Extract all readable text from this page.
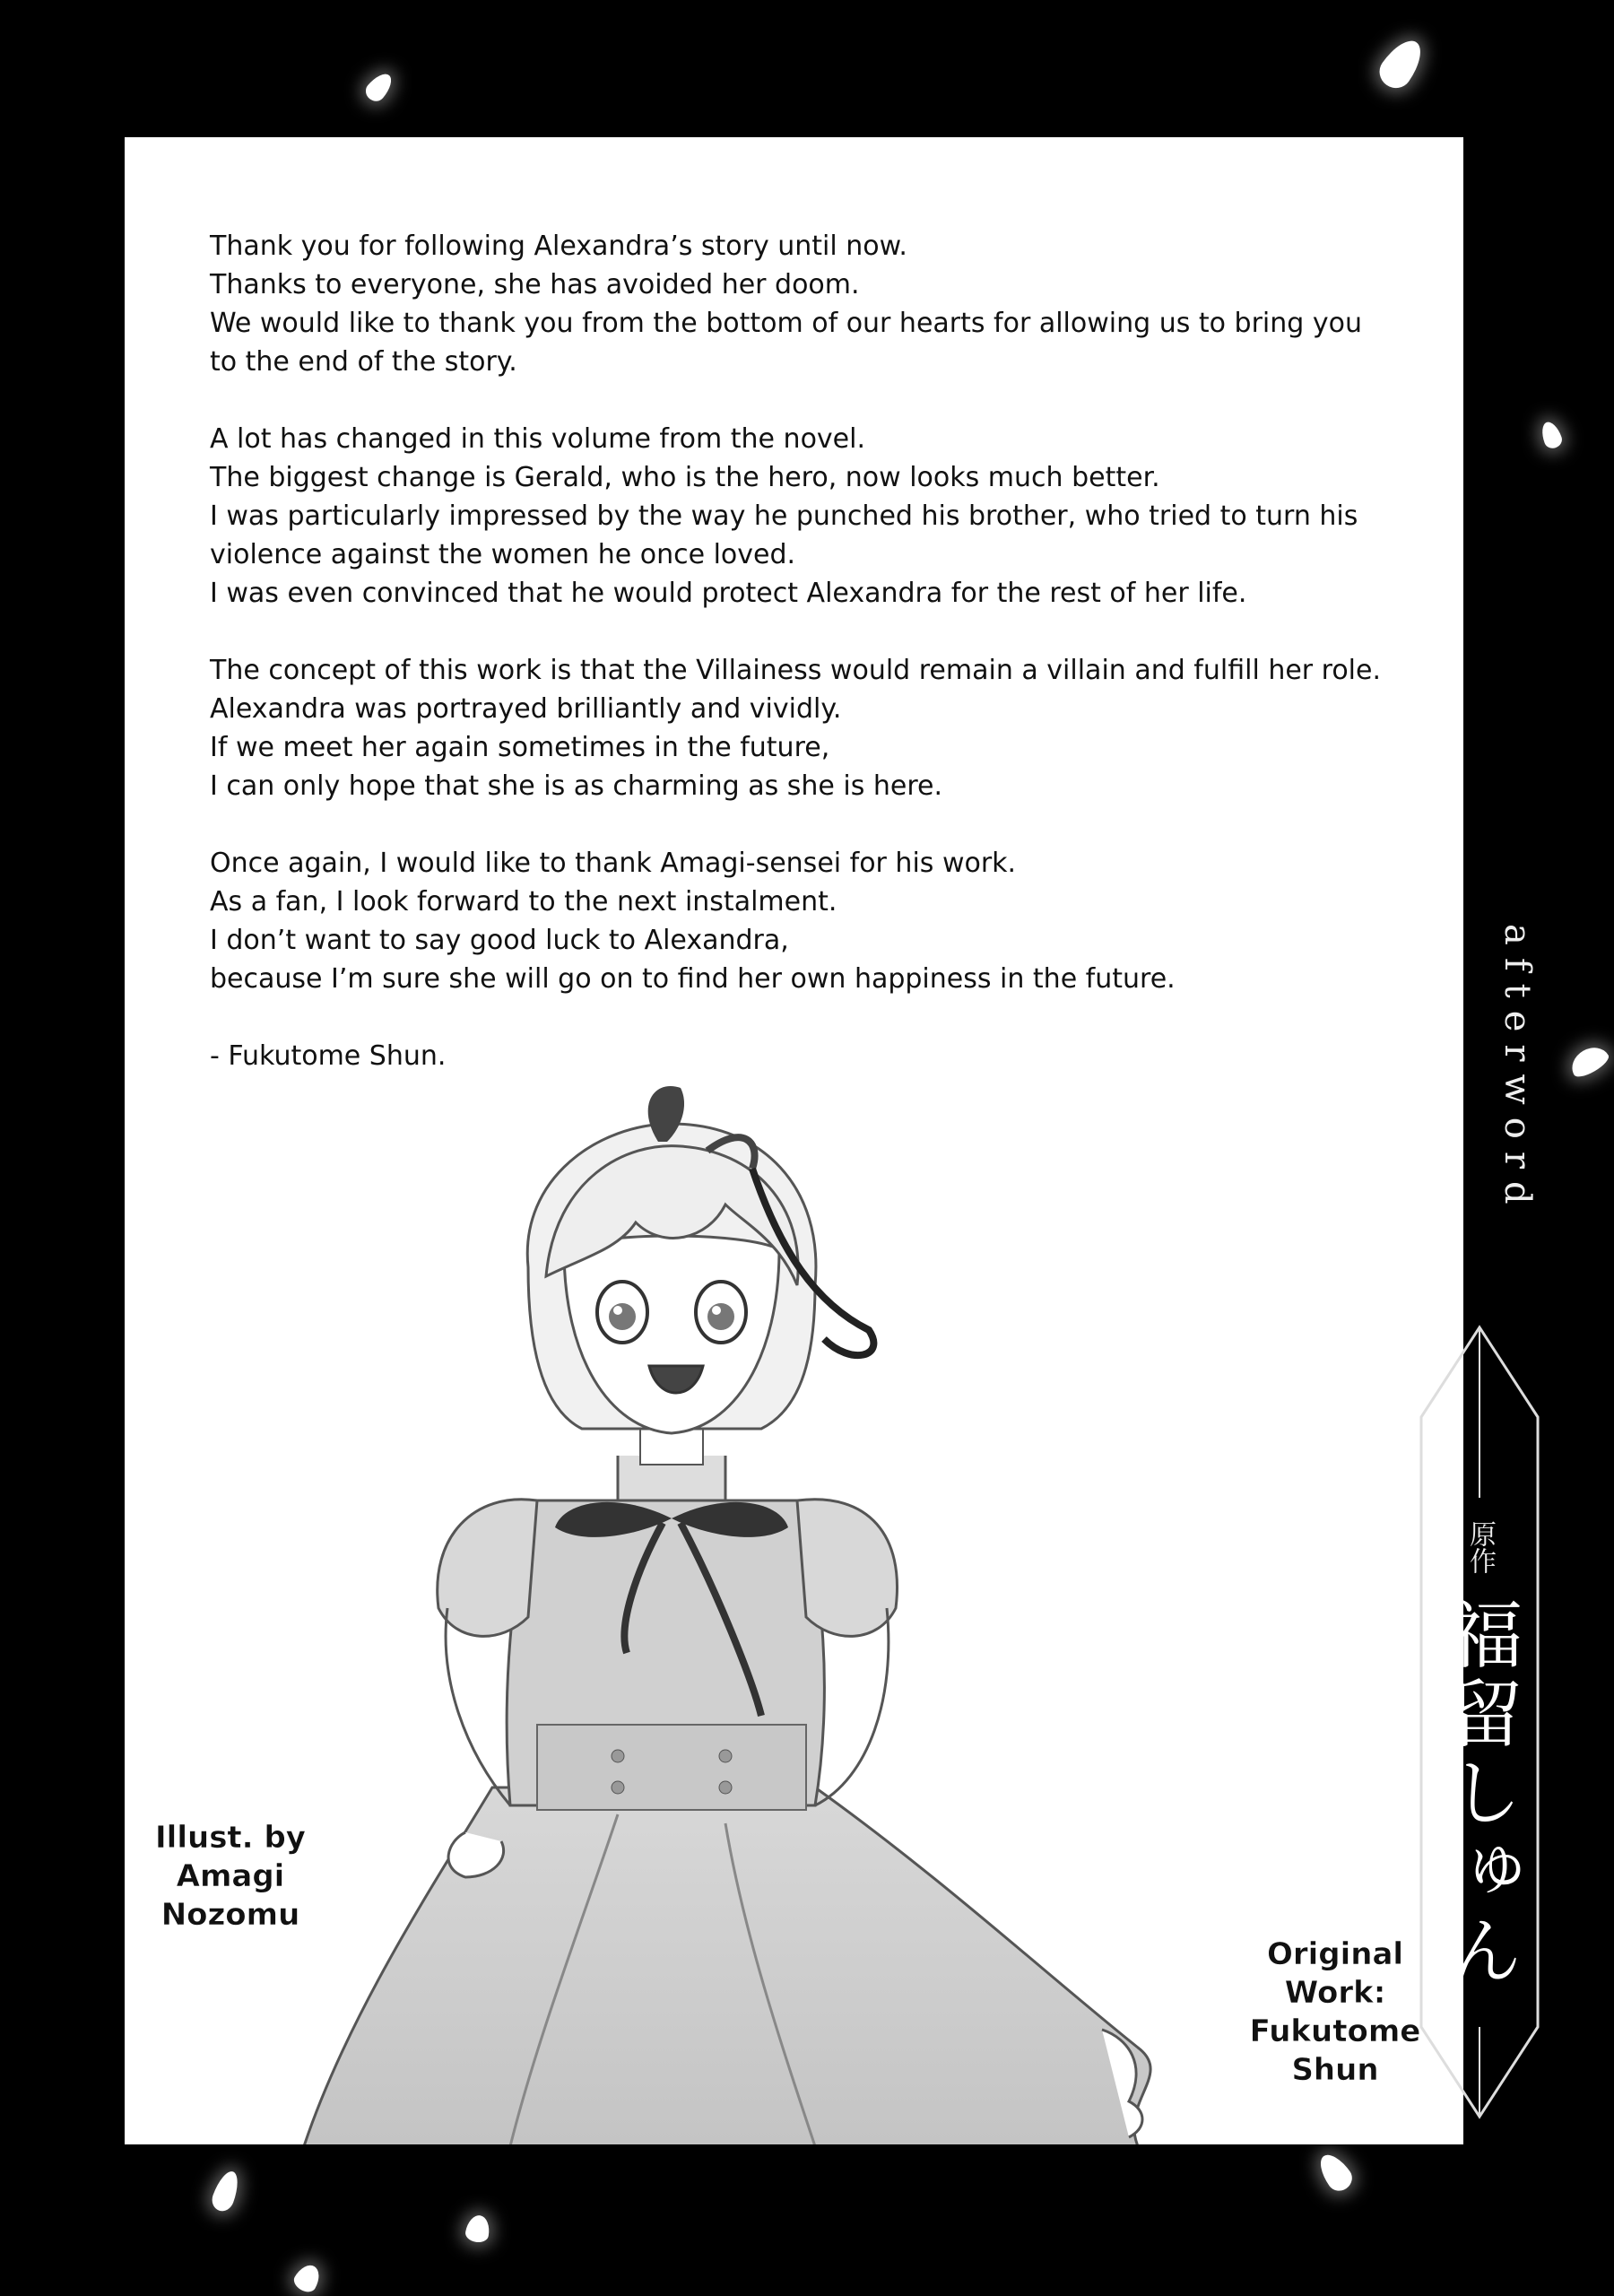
Thank you for following Alexandra’s story until now.
Thanks to everyone, she has avoided her doom.
We would like to thank you from the bottom of our hearts for allowing us to bring you
to the end of the story.
A lot has changed in this volume from the novel.
The biggest change is Gerald, who is the hero, now looks much better.
I was particularly impressed by the way he punched his brother, who tried to turn his
violence against the women he once loved.
I was even convinced that he would protect Alexandra for the rest of her life.
The concept of this work is that the Villainess would remain a villain and fulfill her role.
Alexandra was portrayed brilliantly and vividly.
If we meet her again sometimes in the future,
I can only hope that she is as charming as she is here.
Once again, I would like to thank Amagi-sensei for his work.
As a fan, I look forward to the next instalment.
I don’t want to say good luck to Alexandra,
because I’m sure she will go on to find her own happiness in the future.
- Fukutome Shun.
Illust. by
Amagi
Nozomu
Original
Work:
Fukutome
Shun
afterword
原作
福留しゅん
